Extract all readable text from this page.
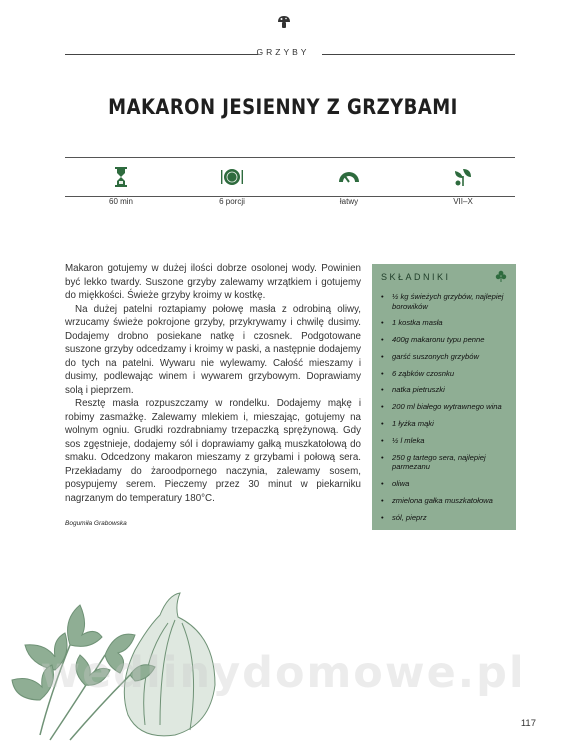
GRZYBY
MAKARON JESIENNY Z GRZYBAMI
60 min	6 porcji	łatwy	VII–X

Makaron gotujemy w dużej ilości dobrze osolonej wody. Powinien być lekko twardy. Suszone grzyby zalewamy wrzątkiem i gotujemy do miękkości. Świeże grzyby kroimy w kostkę.

Na dużej patelni roztapiamy połowę masła z odrobiną oliwy, wrzucamy świeże pokrojone grzyby, przykrywamy i chwilę dusimy. Dodajemy drobno posiekane natkę i czosnek. Podgotowane suszone grzyby odcedzamy i kroimy w paski, a następnie dodajemy do tych na patelni. Wywaru nie wylewamy. Całość mieszamy i dusimy, podlewając winem i wywarem grzybowym. Doprawiamy solą i pieprzem.

Resztę masła rozpuszczamy w rondelku. Dodajemy mąkę i robimy zasmażkę. Zalewamy mlekiem i, mieszając, gotujemy na wolnym ogniu. Grudki rozdrabniamy trzepaczką sprężynową. Gdy sos zgęstnieje, dodajemy sól i doprawiamy gałką muszkatołową do smaku. Odcedzony makaron mieszamy z grzybami i połową sera. Przekładamy do żaroodpornego naczynia, zalewamy sosem, posypujemy serem. Pieczemy przez 30 minut w piekarniku nagrzanym do temperatury 180°C.

Bogumiła Grabowska
SKŁADNIKI
• ½ kg świeżych grzybów, najlepiej borowików
• 1 kostka masła
• 400g makaronu typu penne
• garść suszonych grzybów
• 6 ząbków czosnku
• natka pietruszki
• 200 ml białego wytrawnego wina
• 1 łyżka mąki
• ½ l mleka
• 250 g tartego sera, najlepiej parmezanu
• oliwa
• zmielona gałka muszkatołowa
• sól, pieprz
wedlinydomowe.pl
117
